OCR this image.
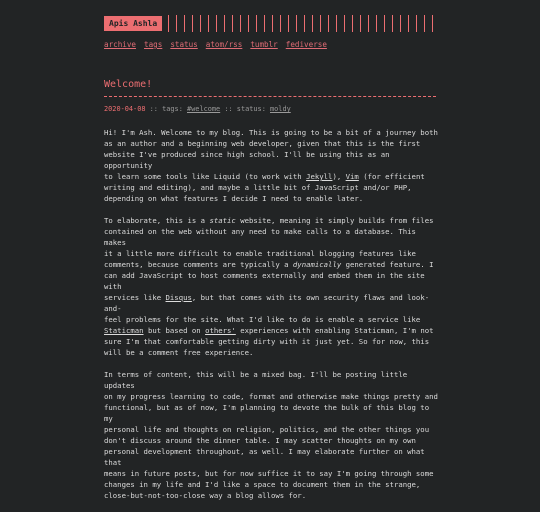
Apis Ashla
archive tags status atom/rss tumblr fediverse
Welcome!
2020-04-08 :: tags: #welcome :: status: moldy

Hi! I'm Ash. Welcome to my blog. This is going to be a bit of a journey both
as an author and a beginning web developer, given that this is the first
website I've produced since high school. I'll be using this as an opportunity
to learn some tools like Liquid (to work with Jekyll), Vim (for efficient
writing and editing), and maybe a little bit of JavaScript and/or PHP,
depending on what features I decide I need to enable later.

To elaborate, this is a static website, meaning it simply builds from files
contained on the web without any need to make calls to a database. This makes
it a little more difficult to enable traditional blogging features like
comments, because comments are typically a dynamically generated feature. I
can add JavaScript to host comments externally and embed them in the site with
services like Disqus, but that comes with its own security flaws and look-and-
feel problems for the site. What I'd like to do is enable a service like
Staticman but based on others' experiences with enabling Staticman, I'm not
sure I'm that comfortable getting dirty with it just yet. So for now, this
will be a comment free experience.

In terms of content, this will be a mixed bag. I'll be posting little updates
on my progress learning to code, format and otherwise make things pretty and
functional, but as of now, I'm planning to devote the bulk of this blog to my
personal life and thoughts on religion, politics, and the other things you
don't discuss around the dinner table. I may scatter thoughts on my own
personal development throughout, as well. I may elaborate further on what that
means in future posts, but for now suffice it to say I'm going through some
changes in my life and I'd like a space to document them in the strange,
close-but-not-too-close way a blog allows for.
